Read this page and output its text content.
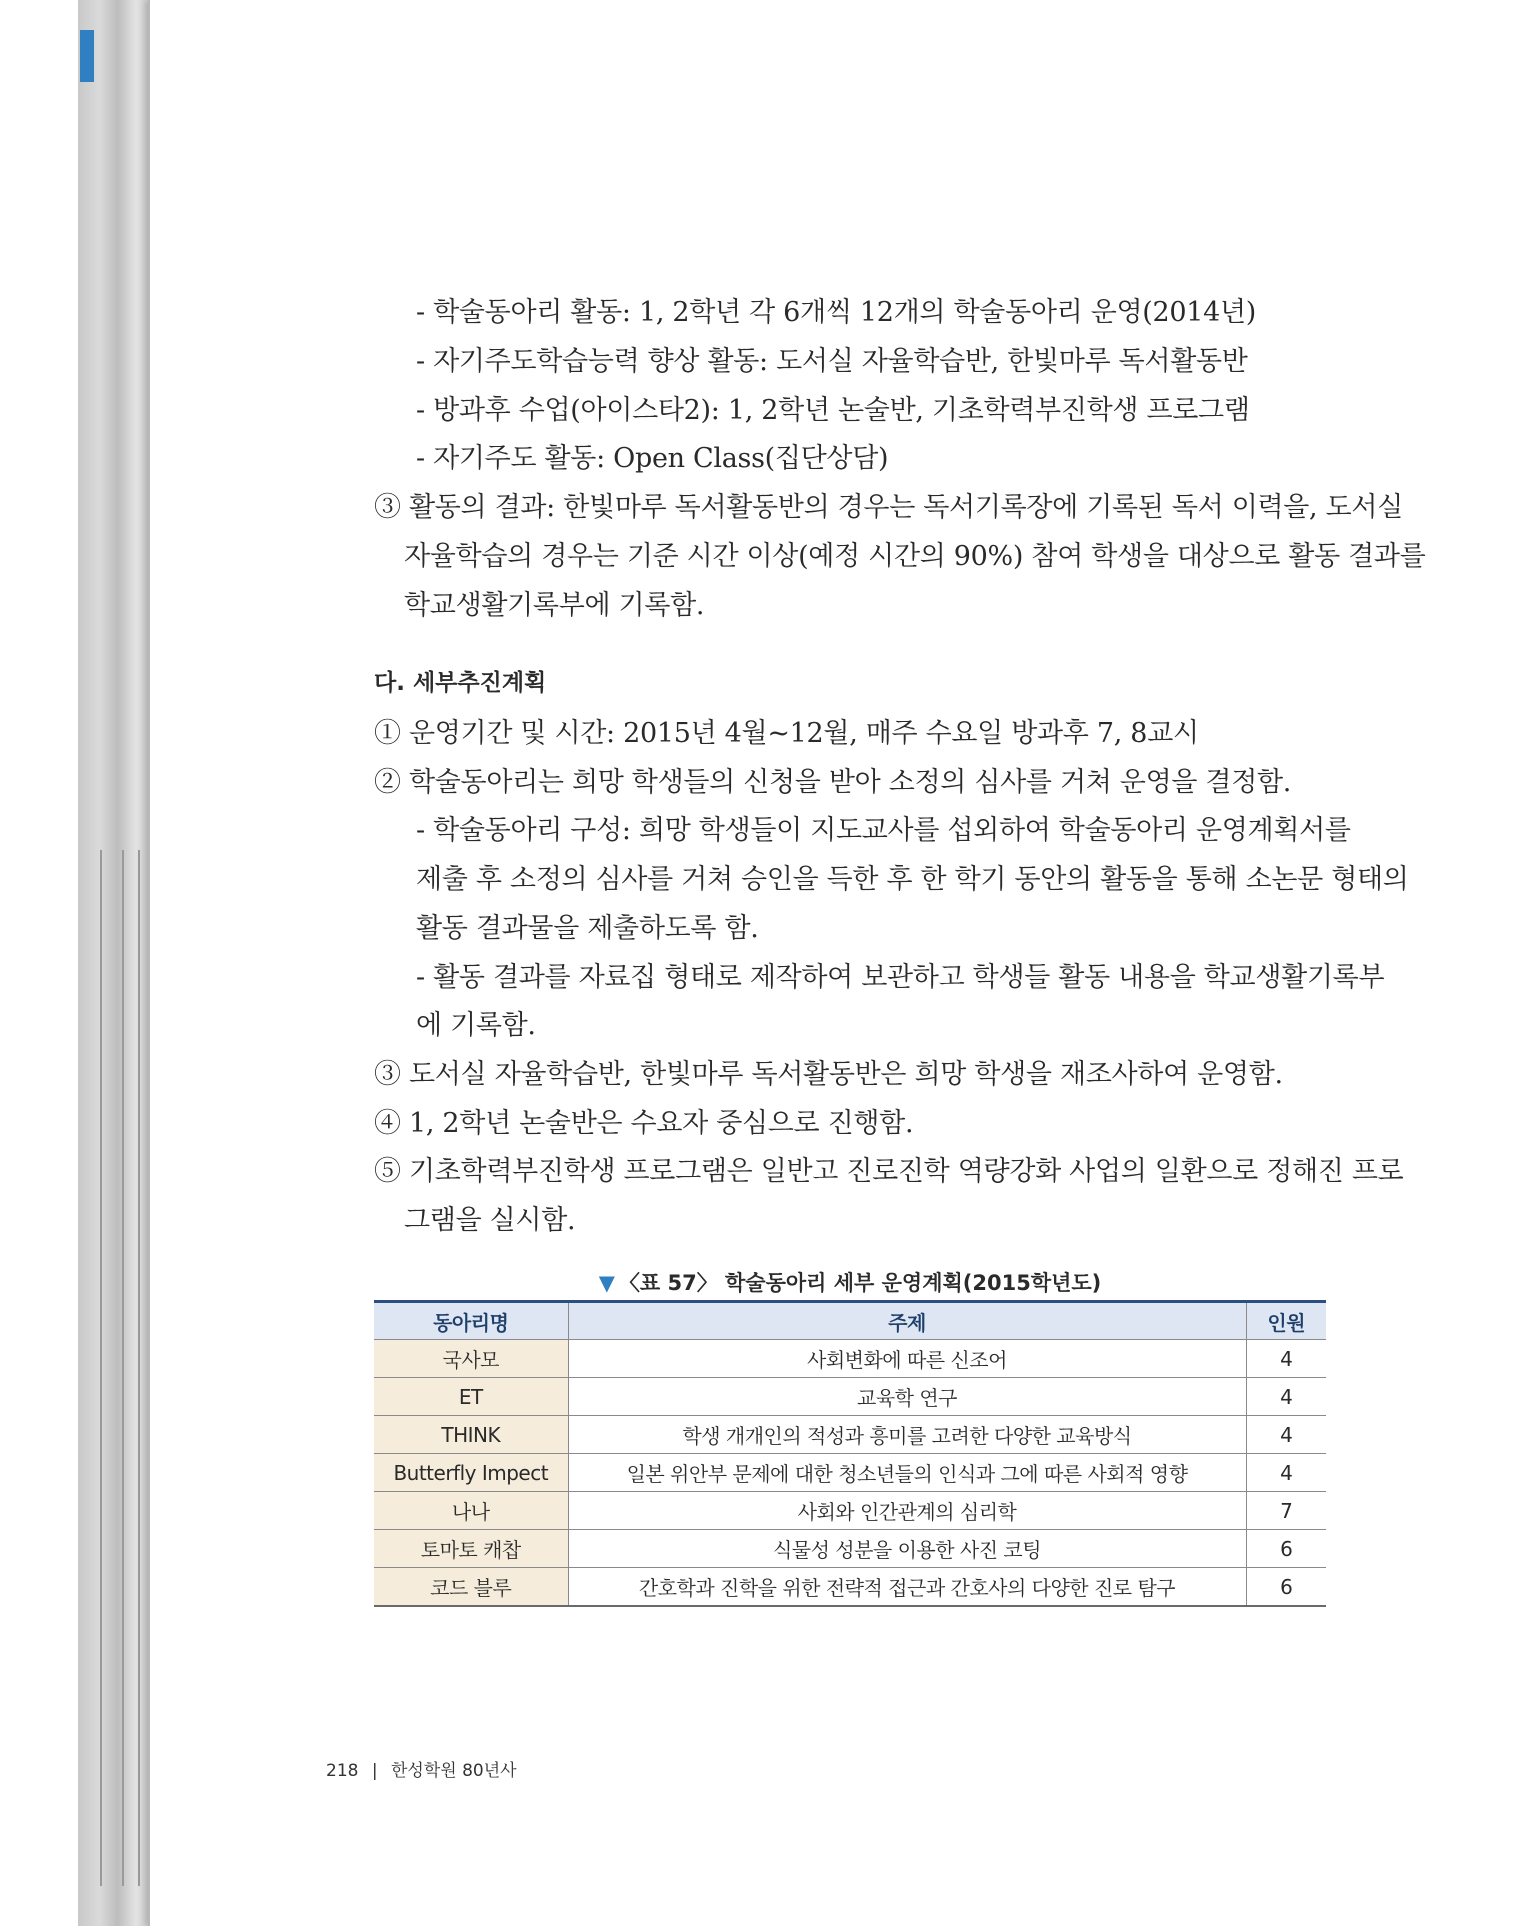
- 학술동아리 활동: 1, 2학년 각 6개씩 12개의 학술동아리 운영(2014년)
- 자기주도학습능력 향상 활동: 도서실 자율학습반, 한빛마루 독서활동반
- 방과후 수업(아이스타2): 1, 2학년 논술반, 기초학력부진학생 프로그램
- 자기주도 활동: Open Class(집단상담)
③ 활동의 결과: 한빛마루 독서활동반의 경우는 독서기록장에 기록된 독서 이력을, 도서실
자율학습의 경우는 기준 시간 이상(예정 시간의 90%) 참여 학생을 대상으로 활동 결과를
학교생활기록부에 기록함.
다. 세부추진계획
① 운영기간 및 시간: 2015년 4월~12월, 매주 수요일 방과후 7, 8교시
② 학술동아리는 희망 학생들의 신청을 받아 소정의 심사를 거쳐 운영을 결정함.
- 학술동아리 구성: 희망 학생들이 지도교사를 섭외하여 학술동아리 운영계획서를
제출 후 소정의 심사를 거쳐 승인을 득한 후 한 학기 동안의 활동을 통해 소논문 형태의
활동 결과물을 제출하도록 함.
- 활동 결과를 자료집 형태로 제작하여 보관하고 학생들 활동 내용을 학교생활기록부
에 기록함.
③ 도서실 자율학습반, 한빛마루 독서활동반은 희망 학생을 재조사하여 운영함.
④ 1, 2학년 논술반은 수요자 중심으로 진행함.
⑤ 기초학력부진학생 프로그램은 일반고 진로진학 역량강화 사업의 일환으로 정해진 프로
그램을 실시함.
▼ 〈표 57〉 학술동아리 세부 운영계획(2015학년도)
동아리명	주제	인원
국사모	사회변화에 따른 신조어	4
ET	교육학 연구	4
THINK	학생 개개인의 적성과 흥미를 고려한 다양한 교육방식	4
Butterfly Impect	일본 위안부 문제에 대한 청소년들의 인식과 그에 따른 사회적 영향	4
나나	사회와 인간관계의 심리학	7
토마토 캐찹	식물성 성분을 이용한 사진 코팅	6
코드 블루	간호학과 진학을 위한 전략적 접근과 간호사의 다양한 진로 탐구	6
218 | 한성학원 80년사
